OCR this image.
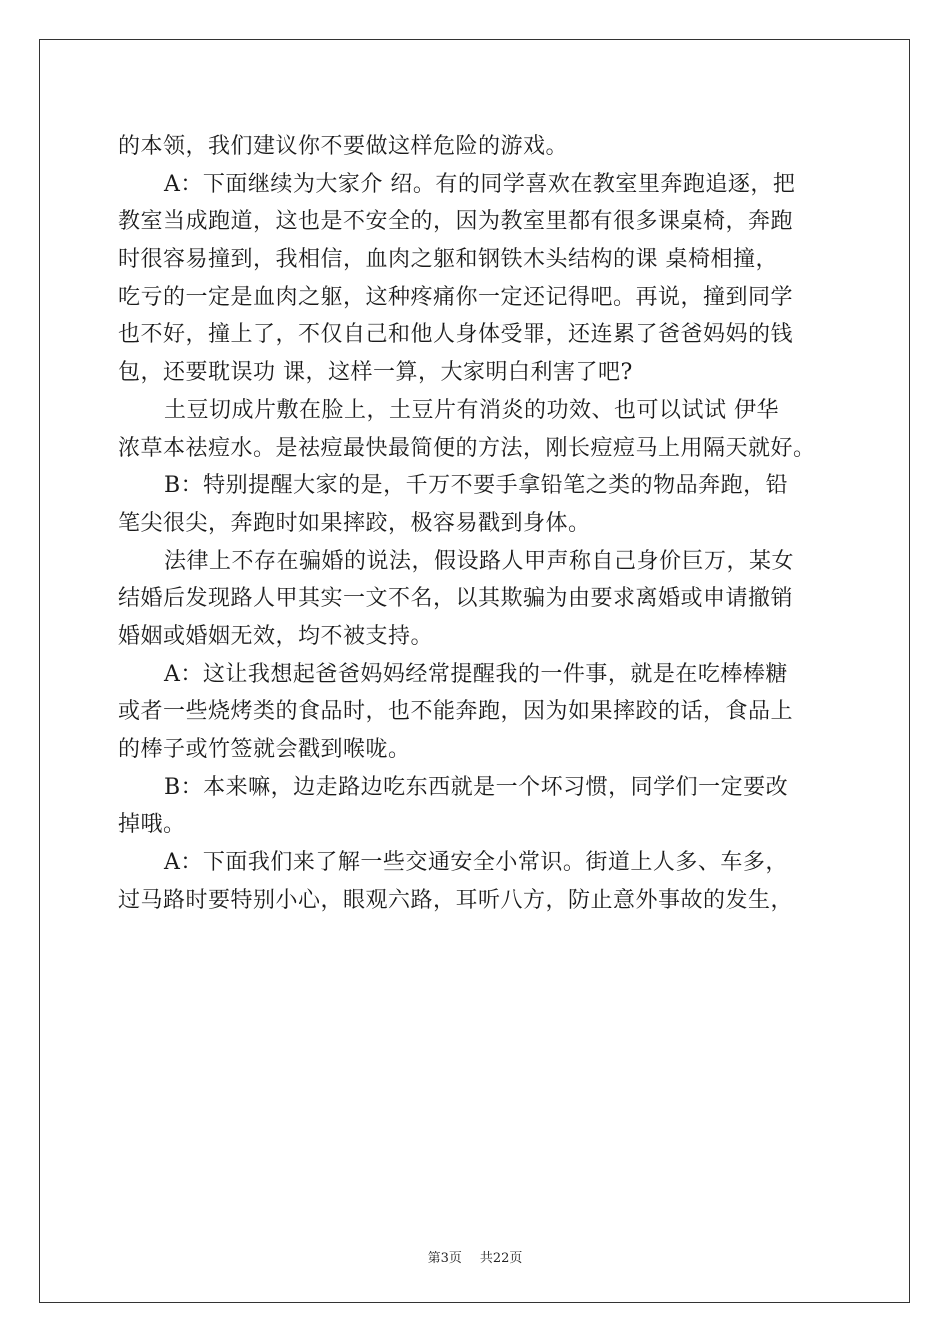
的本领，我们建议你不要做这样危险的游戏。
A：下面继续为大家介 绍。有的同学喜欢在教室里奔跑追逐，把
教室当成跑道，这也是不安全的，因为教室里都有很多课桌椅，奔跑
时很容易撞到，我相信，血肉之躯和钢铁木头结构的课 桌椅相撞，
吃亏的一定是血肉之躯，这种疼痛你一定还记得吧。再说，撞到同学
也不好，撞上了，不仅自己和他人身体受罪，还连累了爸爸妈妈的钱
包，还要耽误功 课，这样一算，大家明白利害了吧?
土豆切成片敷在脸上，土豆片有消炎的功效、也可以试试 伊华
浓草本祛痘水。是祛痘最快最简便的方法，刚长痘痘马上用隔天就好。
B：特别提醒大家的是，千万不要手拿铅笔之类的物品奔跑，铅
笔尖很尖，奔跑时如果摔跤，极容易戳到身体。
法律上不存在骗婚的说法，假设路人甲声称自己身价巨万，某女
结婚后发现路人甲其实一文不名，以其欺骗为由要求离婚或申请撤销
婚姻或婚姻无效，均不被支持。
A：这让我想起爸爸妈妈经常提醒我的一件事，就是在吃棒棒糖
或者一些烧烤类的食品时，也不能奔跑，因为如果摔跤的话，食品上
的棒子或竹签就会戳到喉咙。
B：本来嘛，边走路边吃东西就是一个坏习惯，同学们一定要改
掉哦。
A：下面我们来了解一些交通安全小常识。街道上人多、车多，
过马路时要特别小心，眼观六路，耳听八方，防止意外事故的发生，
第3页 共22页
